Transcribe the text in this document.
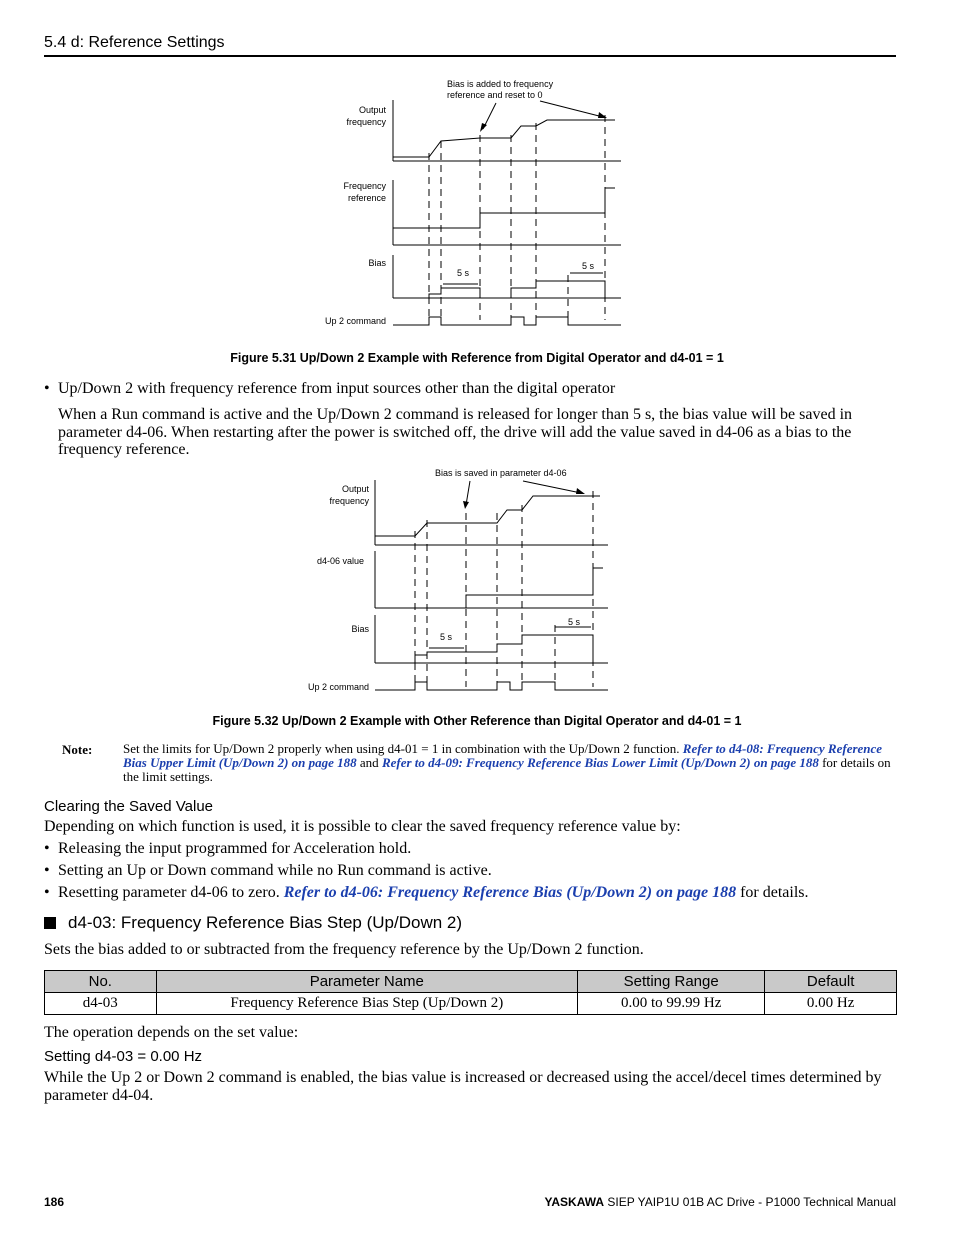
5.4 d: Reference Settings
Bias is added to frequency
reference and reset to 0
Output
frequency
Frequency
reference
Bias
5 s
5 s
Up 2 command
Figure 5.31 Up/Down 2 Example with Reference from Digital Operator and d4-01 = 1
• Up/Down 2 with frequency reference from input sources other than the digital operator
When a Run command is active and the Up/Down 2 command is released for longer than 5 s, the bias value will be saved in parameter d4-06. When restarting after the power is switched off, the drive will add the value saved in d4-06 as a bias to the frequency reference.
Bias is saved in parameter d4-06
Output
frequency
d4-06 value
Bias
5 s
5 s
Up 2 command
Figure 5.32 Up/Down 2 Example with Other Reference than Digital Operator and d4-01 = 1
Note: Set the limits for Up/Down 2 properly when using d4-01 = 1 in combination with the Up/Down 2 function. Refer to d4-08: Frequency Reference Bias Upper Limit (Up/Down 2) on page 188 and Refer to d4-09: Frequency Reference Bias Lower Limit (Up/Down 2) on page 188 for details on the limit settings.
Clearing the Saved Value
Depending on which function is used, it is possible to clear the saved frequency reference value by:
• Releasing the input programmed for Acceleration hold.
• Setting an Up or Down command while no Run command is active.
• Resetting parameter d4-06 to zero. Refer to d4-06: Frequency Reference Bias (Up/Down 2) on page 188 for details.
d4-03: Frequency Reference Bias Step (Up/Down 2)
Sets the bias added to or subtracted from the frequency reference by the Up/Down 2 function.
No.	Parameter Name	Setting Range	Default
d4-03	Frequency Reference Bias Step (Up/Down 2)	0.00 to 99.99 Hz	0.00 Hz
The operation depends on the set value:
Setting d4-03 = 0.00 Hz
While the Up 2 or Down 2 command is enabled, the bias value is increased or decreased using the accel/decel times determined by parameter d4-04.
186	YASKAWA SIEP YAIP1U 01B AC Drive - P1000 Technical Manual
